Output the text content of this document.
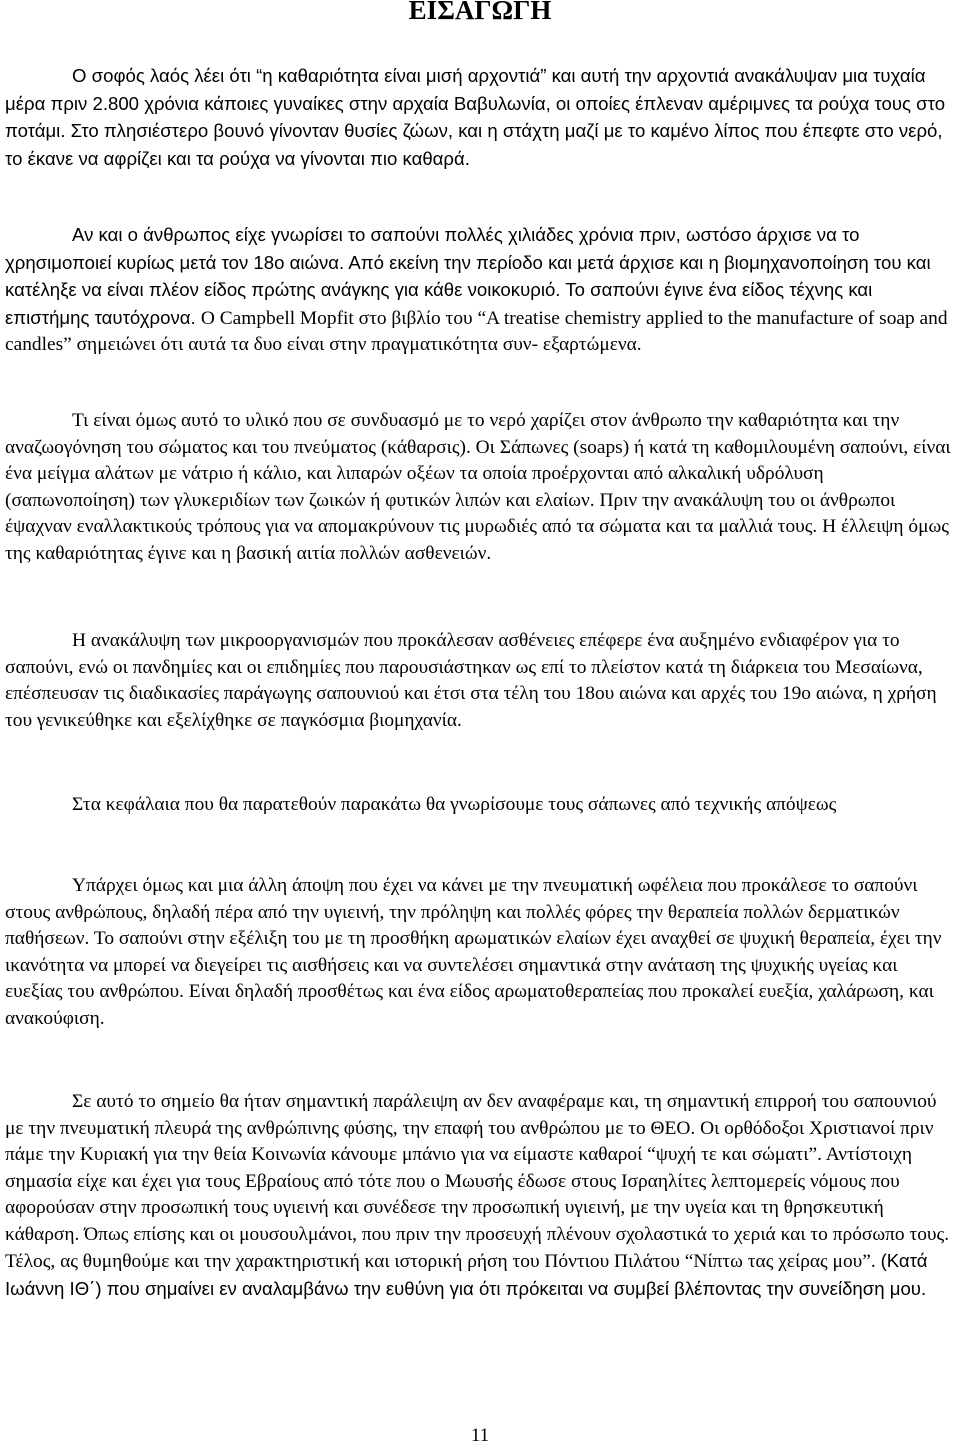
ΕΙΣΑΓΩΓΗ

Ο σοφός λαός λέει ότι “η καθαριότητα είναι μισή αρχοντιά” και αυτή την αρχοντιά ανακάλυψαν μια τυχαία μέρα πριν 2.800 χρόνια κάποιες γυναίκες στην αρχαία Βαβυλωνία, οι οποίες έπλεναν αμέριμνες τα ρούχα τους στο ποτάμι. Στο πλησιέστερο βουνό γίνονταν θυσίες ζώων, και η στάχτη μαζί με το καμένο λίπος που έπεφτε στο νερό, το έκανε να αφρίζει και τα ρούχα να γίνονται πιο καθαρά.

Αν και ο άνθρωπος είχε γνωρίσει το σαπούνι πολλές χιλιάδες χρόνια πριν, ωστόσο άρχισε να το χρησιμοποιεί κυρίως μετά τον 18ο αιώνα. Από εκείνη την περίοδο και μετά άρχισε και η βιομηχανοποίηση του και κατέληξε να είναι πλέον είδος πρώτης ανάγκης για κάθε νοικοκυριό. Το σαπούνι έγινε ένα είδος τέχνης και επιστήμης ταυτόχρονα. Ο Campbell Mopfit στο βιβλίο του “A treatise chemistry applied to the manufacture of soap and candles” σημειώνει ότι αυτά τα δυο είναι στην πραγματικότητα συν- εξαρτώμενα.

Τι είναι όμως αυτό το υλικό που σε συνδυασμό με το νερό χαρίζει στον άνθρωπο την καθαριότητα και την αναζωογόνηση του σώματος και του πνεύματος (κάθαρσις). Οι Σάπωνες (soaps) ή κατά τη καθομιλουμένη σαπούνι, είναι ένα μείγμα αλάτων με νάτριο ή κάλιο, και λιπαρών οξέων τα οποία προέρχονται από αλκαλική υδρόλυση (σαπωνοποίηση) των γλυκεριδίων των ζωικών ή φυτικών λιπών και ελαίων. Πριν την ανακάλυψη του οι άνθρωποι έψαχναν εναλλακτικούς τρόπους για να απομακρύνουν τις μυρωδιές από τα σώματα και τα μαλλιά τους. Η έλλειψη όμως της καθαριότητας έγινε και η βασική αιτία πολλών ασθενειών.

Η ανακάλυψη των μικροοργανισμών που προκάλεσαν ασθένειες επέφερε ένα αυξημένο ενδιαφέρον για το σαπούνι, ενώ οι πανδημίες και οι επιδημίες που παρουσιάστηκαν ως επί το πλείστον κατά τη διάρκεια του Μεσαίωνα, επέσπευσαν τις διαδικασίες παράγωγης σαπουνιού και έτσι στα τέλη του 18ου αιώνα και αρχές του 19ο αιώνα, η χρήση του γενικεύθηκε και εξελίχθηκε σε παγκόσμια βιομηχανία.

Στα κεφάλαια που θα παρατεθούν παρακάτω θα γνωρίσουμε τους σάπωνες από τεχνικής απόψεως

Υπάρχει όμως και μια άλλη άποψη που έχει να κάνει με την πνευματική ωφέλεια που προκάλεσε το σαπούνι στους ανθρώπους, δηλαδή πέρα από την υγιεινή, την πρόληψη και πολλές φόρες την θεραπεία πολλών δερματικών παθήσεων. Το σαπούνι στην εξέλιξη του με τη προσθήκη αρωματικών ελαίων έχει αναχθεί σε ψυχική θεραπεία, έχει την ικανότητα να μπορεί να διεγείρει τις αισθήσεις και να συντελέσει σημαντικά στην ανάταση της ψυχικής υγείας και ευεξίας του ανθρώπου. Είναι δηλαδή προσθέτως και ένα είδος αρωματοθεραπείας που προκαλεί ευεξία, χαλάρωση, και ανακούφιση.

Σε αυτό το σημείο θα ήταν σημαντική παράλειψη αν δεν αναφέραμε και, τη σημαντική επιρροή του σαπουνιού με την πνευματική πλευρά της ανθρώπινης φύσης, την επαφή του ανθρώπου με το ΘΕΟ. Οι ορθόδοξοι Χριστιανοί πριν πάμε την Κυριακή για την θεία Κοινωνία κάνουμε μπάνιο για να είμαστε καθαροί “ψυχή τε και σώματι”. Αντίστοιχη σημασία είχε και έχει για τους Εβραίους από τότε που ο Μωυσής έδωσε στους Ισραηλίτες λεπτομερείς νόμους που αφορούσαν στην προσωπική τους υγιεινή και συνέδεσε την προσωπική υγιεινή, με την υγεία και τη θρησκευτική κάθαρση. Όπως επίσης και οι μουσουλμάνοι, που πριν την προσευχή πλένουν σχολαστικά το χεριά και το πρόσωπο τους. Τέλος, ας θυμηθούμε και την χαρακτηριστική και ιστορική ρήση του Πόντιου Πιλάτου “Νίπτω τας χείρας μου”. (Κατά Ιωάννη ΙΘ΄) που σημαίνει εν αναλαμβάνω την ευθύνη για ότι πρόκειται να συμβεί βλέποντας την συνείδηση μου.

11
